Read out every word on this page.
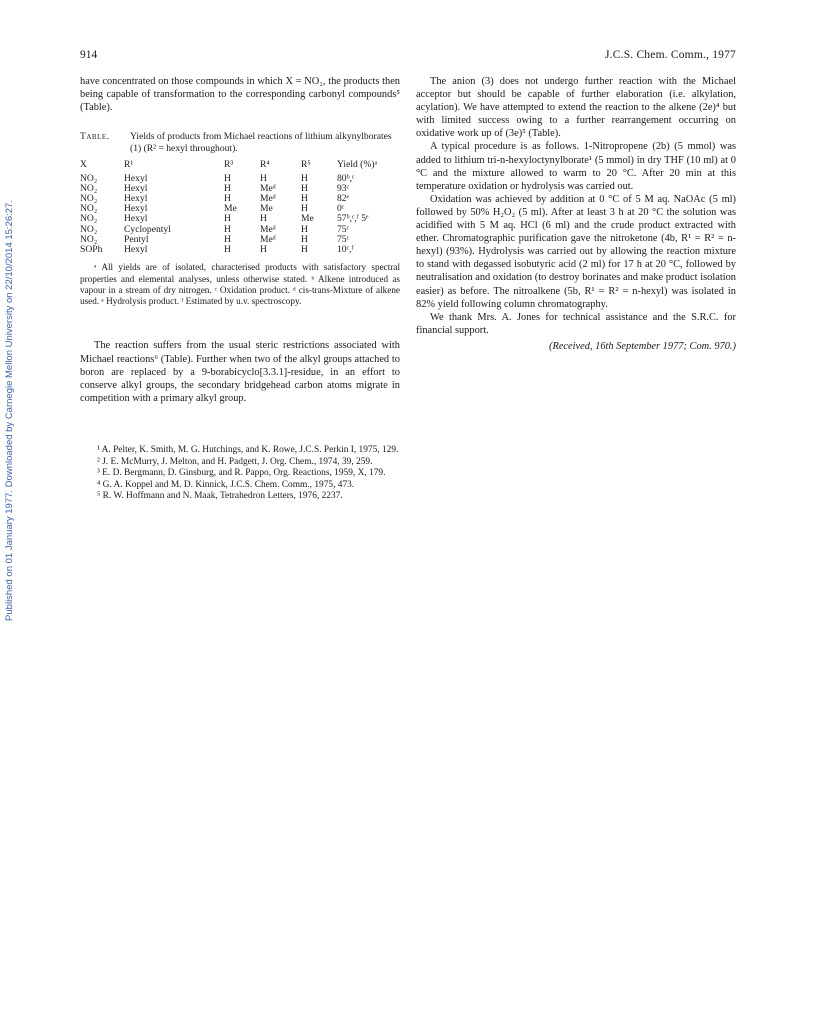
Published on 01 January 1977. Downloaded by Carnegie Mellon University on 22/10/2014 15:26:27.
914	J.C.S. Chem. Comm., 1977

have concentrated on those compounds in which X = NO₂, the products then being capable of transformation to the corresponding carbonyl compounds⁵ (Table).

Table.	Yields of products from Michael reactions of lithium alkynylborates (1) (R² = hexyl throughout).
X	R¹	R³	R⁴	R⁵	Yield (%)ᵃ
NO₂	Hexyl	H	H	H	80ᵇ,ᶜ
NO₂	Hexyl	H	Meᵈ	H	93ᶜ
NO₂	Hexyl	H	Meᵈ	H	82ᵉ
NO₂	Hexyl	Me	Me	H	0ᶜ
NO₂	Hexyl	H	H	Me	57ᵇ,ᶜ,ᶠ 5ᵉ
NO₂	Cyclopentyl	H	Meᵈ	H	75ᶜ
NO₂	Pentyl	H	Meᵈ	H	75ᶜ
SOPh	Hexyl	H	H	H	10ᶜ,ᶠ

ᵃ All yields are of isolated, characterised products with satisfactory spectral properties and elemental analyses, unless otherwise stated. ᵇ Alkene introduced as vapour in a stream of dry nitrogen. ᶜ Oxidation product. ᵈ cis-trans-Mixture of alkene used. ᵉ Hydrolysis product. ᶠ Estimated by u.v. spectroscopy.

The reaction suffers from the usual steric restrictions associated with Michael reactions⁶ (Table). Further when two of the alkyl groups attached to boron are replaced by a 9-borabicyclo[3.3.1]-residue, in an effort to conserve alkyl groups, the secondary bridgehead carbon atoms migrate in competition with a primary alkyl group.

The anion (3) does not undergo further reaction with the Michael acceptor but should be capable of further elaboration (i.e. alkylation, acylation). We have attempted to extend the reaction to the alkene (2e)⁴ but with limited success owing to a further rearrangement occurring on oxidative work up of (3e)⁵ (Table).

A typical procedure is as follows. 1-Nitropropene (2b) (5 mmol) was added to lithium tri-n-hexyloctynylborate¹ (5 mmol) in dry THF (10 ml) at 0 °C and the mixture allowed to warm to 20 °C. After 20 min at this temperature oxidation or hydrolysis was carried out.

Oxidation was achieved by addition at 0 °C of 5 M aq. NaOAc (5 ml) followed by 50% H₂O₂ (5 ml). After at least 3 h at 20 °C the solution was acidified with 5 M aq. HCl (6 ml) and the crude product extracted with ether. Chromatographic purification gave the nitroketone (4b, R¹ = R² = n-hexyl) (93%). Hydrolysis was carried out by allowing the reaction mixture to stand with degassed isobutyric acid (2 ml) for 17 h at 20 °C, followed by neutralisation and oxidation (to destroy borinates and make product isolation easier) as before. The nitroalkene (5b, R¹ = R² = n-hexyl) was isolated in 82% yield following column chromatography.

We thank Mrs. A. Jones for technical assistance and the S.R.C. for financial support.

(Received, 16th September 1977; Com. 970.)

¹ A. Pelter, K. Smith, M. G. Hutchings, and K. Rowe, J.C.S. Perkin I, 1975, 129.
² J. E. McMurry, J. Melton, and H. Padgett, J. Org. Chem., 1974, 39, 259.
³ E. D. Bergmann, D. Ginsburg, and R. Pappo, Org. Reactions, 1959, X, 179.
⁴ G. A. Koppel and M. D. Kinnick, J.C.S. Chem. Comm., 1975, 473.
⁵ R. W. Hoffmann and N. Maak, Tetrahedron Letters, 1976, 2237.
